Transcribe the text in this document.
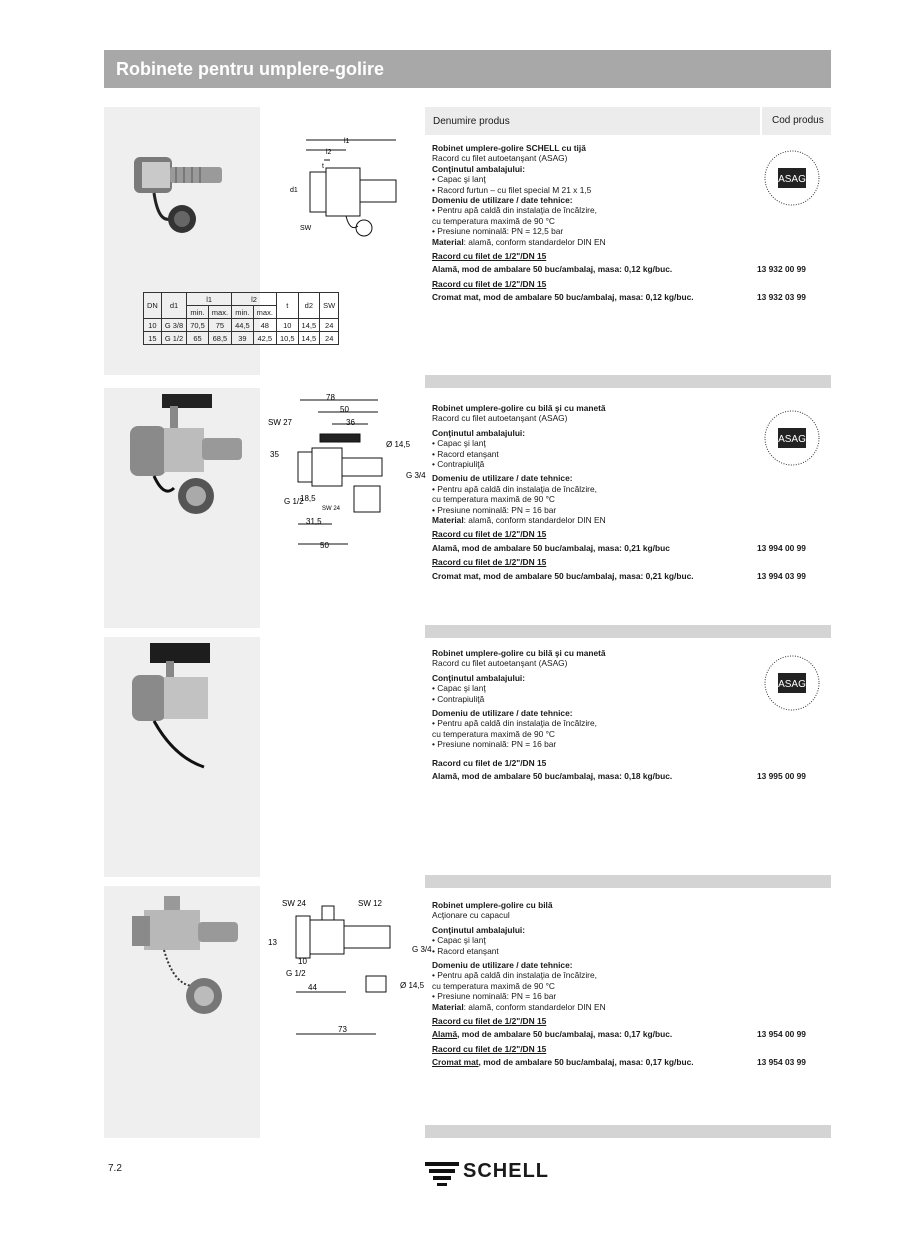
Robinete pentru umplere-golire
l1
l2
t
d1
SW
78
50
36
SW 27
Ø 14,5
35
G 1/2
G 3/4
18,5
SW 24
31,5
50
SW 24	SW 12
13
G 1/2
G 3/4
10
Ø 14,5
44
73
DN	d1	l1		l2		t	d2	SW
		min.	max.	min.	max.			
10	G 3/8	70,5	75	44,5	48	10	14,5	24
15	G 1/2	65	68,5	39	42,5	10,5	14,5	24
Denumire produs	Cod produs
Robinet umplere-golire SCHELL cu tijă
Racord cu filet autoetanşant (ASAG)
Conţinutul ambalajului:
• Capac şi lanţ
• Racord furtun – cu filet special M 21 x 1,5
Domeniu de utilizare / date tehnice:
• Pentru apă caldă din instalaţia de încălzire,
cu temperatura maximă de 90 °C
• Presiune nominală: PN = 12,5 bar
Material: alamă, conform standardelor DIN EN
Racord cu filet de 1/2"/DN 15
Alamă, mod de ambalare 50 buc/ambalaj, masa: 0,12 kg/buc.	13 932 00 99
Racord cu filet de 1/2"/DN 15
Cromat mat, mod de ambalare 50 buc/ambalaj, masa: 0,12 kg/buc.	13 932 03 99
Robinet umplere-golire cu bilă şi cu manetă
Racord cu filet autoetanşant (ASAG)
Conţinutul ambalajului:
• Capac şi lanţ
• Racord etanşant
• Contrapiuliţă
Domeniu de utilizare / date tehnice:
• Pentru apă caldă din instalaţia de încălzire,
cu temperatura maximă de 90 °C
• Presiune nominală: PN = 16 bar
Material: alamă, conform standardelor DIN EN
Racord cu filet de 1/2"/DN 15
Alamă, mod de ambalare 50 buc/ambalaj, masa: 0,21 kg/buc	13 994 00 99
Racord cu filet de 1/2"/DN 15
Cromat mat, mod de ambalare 50 buc/ambalaj, masa: 0,21 kg/buc.	13 994 03 99
Robinet umplere-golire cu bilă şi cu manetă
Racord cu filet autoetanşant (ASAG)
Conţinutul ambalajului:
• Capac şi lanţ
• Contrapiuliţă
Domeniu de utilizare / date tehnice:
• Pentru apă caldă din instalaţia de încălzire,
cu temperatura maximă de 90 °C
• Presiune nominală: PN = 16 bar
Racord cu filet de 1/2"/DN 15
Alamă, mod de ambalare 50 buc/ambalaj, masa: 0,18 kg/buc.	13 995 00 99
Robinet umplere-golire cu bilă
Acţionare cu capacul
Conţinutul ambalajului:
• Capac şi lanţ
• Racord etanşant
Domeniu de utilizare / date tehnice:
• Pentru apă caldă din instalaţia de încălzire,
cu temperatura maximă de 90 °C
• Presiune nominală: PN = 16 bar
Material: alamă, conform standardelor DIN EN
Racord cu filet de 1/2"/DN 15
Alamă, mod de ambalare 50 buc/ambalaj, masa: 0,17 kg/buc.	13 954 00 99
Racord cu filet de 1/2"/DN 15
Cromat mat, mod de ambalare 50 buc/ambalaj, masa: 0,17 kg/buc.	13 954 03 99
ASAG
ASAG
ASAG
7.2	SCHELL
